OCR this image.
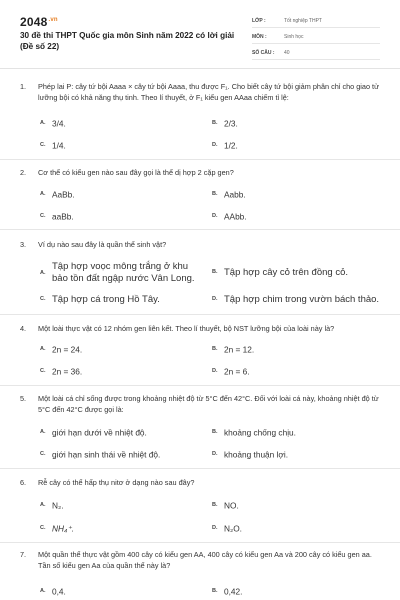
$2048^{.vn}$
30 đề thi THPT Quốc gia môn Sinh năm 2022 có lời giải (Đề số 22)
LỚP :	Tốt nghiệp THPT
MÔN :	Sinh học
SỐ CÂU :	40
1. Phép lai P: cây tứ bội Aaaa × cây tứ bội Aaaa, thu được F₁. Cho biết cây tứ bội giảm phân chỉ cho giao tử lưỡng bội có khả năng thụ tinh. Theo lí thuyết, ở F₁ kiểu gen AAaa chiếm tỉ lệ:
A. 3/4.	B. 2/3.
C. 1/4.	D. 1/2.
2. Cơ thể có kiểu gen nào sau đây gọi là thể dị hợp 2 cặp gen?
A. AaBb.	B. Aabb.
C. aaBb.	D. AAbb.
3. Ví dụ nào sau đây là quần thể sinh vật?
A.
Tập hợp voọc mông trắng ở khu bảo tồn đất ngập nước Vân Long.
B. Tập hợp cây cỏ trên đồng cỏ.
C. Tập hợp cá trong Hồ Tây.	D. Tập hợp chim trong vườn bách thảo.
4. Một loài thực vật có 12 nhóm gen liên kết. Theo lí thuyết, bộ NST lưỡng bội của loài này là?
A. 2n = 24.	B. 2n = 12.
C. 2n = 36.	D. 2n = 6.
5. Một loài cá chỉ sống được trong khoảng nhiệt độ từ 5°C đến 42°C. Đối với loài cá này, khoảng nhiệt độ từ 5°C đến 42°C được gọi là:
A. giới hạn dưới về nhiệt độ.	B. khoảng chống chịu.
C. giới hạn sinh thái về nhiệt độ.	D. khoảng thuận lợi.
6. Rễ cây có thể hấp thụ nitơ ở dạng nào sau đây?
A. N₂.	B. NO.
C. NH₄⁺.	D. N₂O.
7. Một quần thể thực vật gồm 400 cây có kiểu gen AA, 400 cây có kiểu gen Aa và 200 cây có kiểu gen aa. Tần số kiểu gen Aa của quần thể này là?
A. 0,4.	B. 0,42.
